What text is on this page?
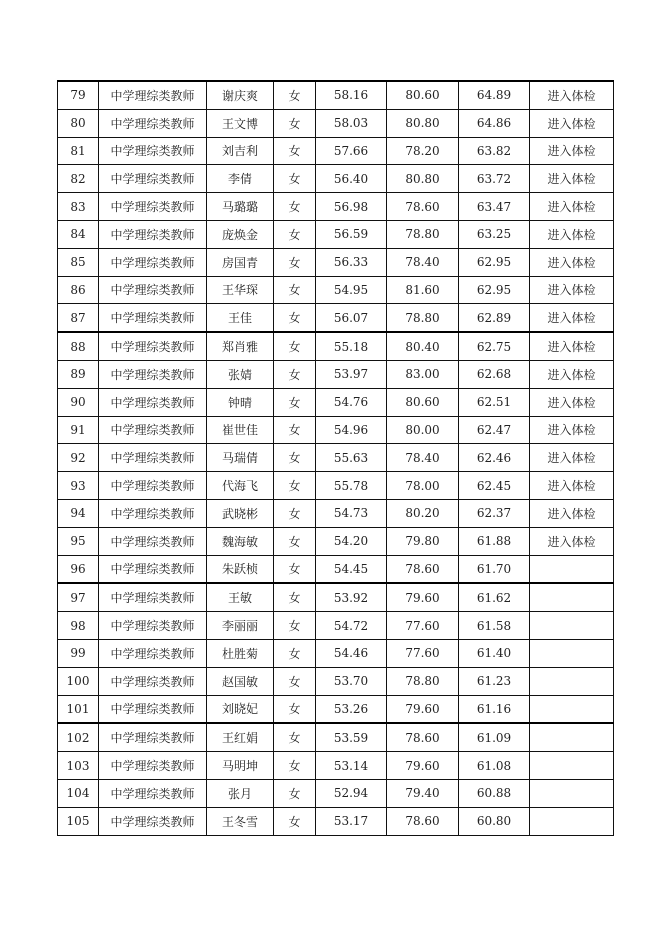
79	中学理综类教师	谢庆爽	女	58.16	80.60	64.89	进入体检
80	中学理综类教师	王文博	女	58.03	80.80	64.86	进入体检
81	中学理综类教师	刘吉利	女	57.66	78.20	63.82	进入体检
82	中学理综类教师	李倩	女	56.40	80.80	63.72	进入体检
83	中学理综类教师	马璐璐	女	56.98	78.60	63.47	进入体检
84	中学理综类教师	庞焕金	女	56.59	78.80	63.25	进入体检
85	中学理综类教师	房国青	女	56.33	78.40	62.95	进入体检
86	中学理综类教师	王华琛	女	54.95	81.60	62.95	进入体检
87	中学理综类教师	王佳	女	56.07	78.80	62.89	进入体检
88	中学理综类教师	郑肖雅	女	55.18	80.40	62.75	进入体检
89	中学理综类教师	张婧	女	53.97	83.00	62.68	进入体检
90	中学理综类教师	钟晴	女	54.76	80.60	62.51	进入体检
91	中学理综类教师	崔世佳	女	54.96	80.00	62.47	进入体检
92	中学理综类教师	马瑞倩	女	55.63	78.40	62.46	进入体检
93	中学理综类教师	代海飞	女	55.78	78.00	62.45	进入体检
94	中学理综类教师	武晓彬	女	54.73	80.20	62.37	进入体检
95	中学理综类教师	魏海敏	女	54.20	79.80	61.88	进入体检
96	中学理综类教师	朱跃桢	女	54.45	78.60	61.70	
97	中学理综类教师	王敏	女	53.92	79.60	61.62	
98	中学理综类教师	李丽丽	女	54.72	77.60	61.58	
99	中学理综类教师	杜胜菊	女	54.46	77.60	61.40	
100	中学理综类教师	赵国敏	女	53.70	78.80	61.23	
101	中学理综类教师	刘晓妃	女	53.26	79.60	61.16	
102	中学理综类教师	王红娟	女	53.59	78.60	61.09	
103	中学理综类教师	马明坤	女	53.14	79.60	61.08	
104	中学理综类教师	张月	女	52.94	79.40	60.88	
105	中学理综类教师	王冬雪	女	53.17	78.60	60.80	
